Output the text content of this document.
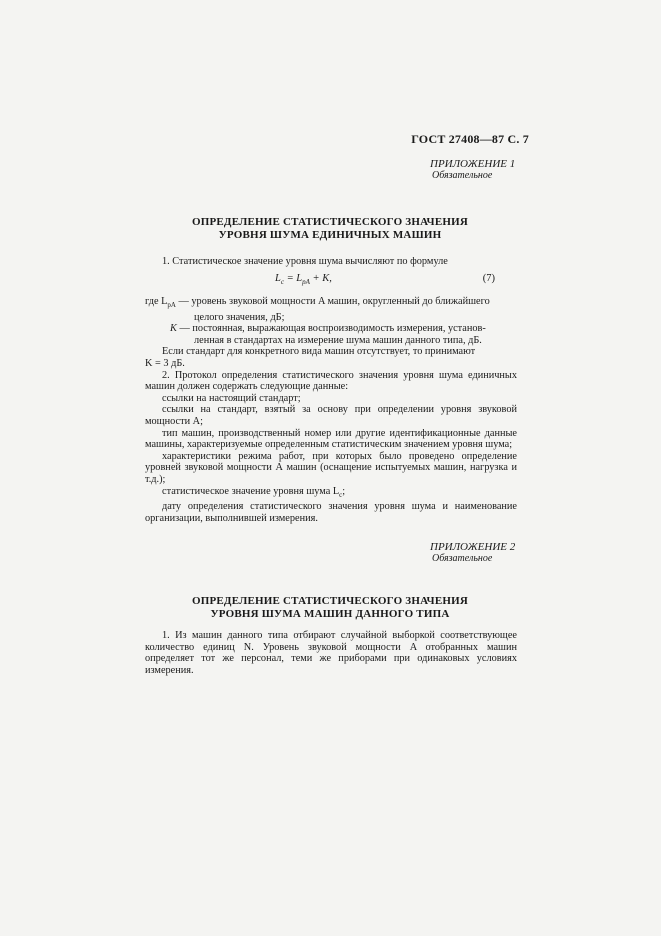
ГОСТ 27408—87 С. 7
ПРИЛОЖЕНИЕ 1
Обязательное
ОПРЕДЕЛЕНИЕ СТАТИСТИЧЕСКОГО ЗНАЧЕНИЯ
УРОВНЯ ШУМА ЕДИНИЧНЫХ МАШИН

1. Статистическое значение уровня шума вычисляют по формуле

$L_c = L_{pA} + K$,	(7)

где $L_{pA}$ — уровень звуковой мощности A машин, округленный до ближайшего

целого значения, дБ;

K — постоянная, выражающая воспроизводимость измерения, установ-

ленная в стандартах на измерение шума машин данного типа, дБ.

Если стандарт для конкретного вида машин отсутствует, то принимают

K = 3 дБ.

2. Протокол определения статистического значения уровня шума единичных машин должен содержать следующие данные:

ссылки на настоящий стандарт;

ссылки на стандарт, взятый за основу при определении уровня звуковой мощности А;

тип машин, производственный номер или другие идентификационные данные машины, характеризуемые определенным статистическим значением уровня шума;

характеристики режима работ, при которых было проведено определение уровней звуковой мощности А машин (оснащение испытуемых машин, нагрузка и т.д.);

статистическое значение уровня шума $L_c$;

дату определения статистического значения уровня шума и наименование организации, выполнившей измерения.

ПРИЛОЖЕНИЕ 2
Обязательное
ОПРЕДЕЛЕНИЕ СТАТИСТИЧЕСКОГО ЗНАЧЕНИЯ
УРОВНЯ ШУМА МАШИН ДАННОГО ТИПА

1. Из машин данного типа отбирают случайной выборкой соответствующее количество единиц N. Уровень звуковой мощности A отобранных машин определяет тот же персонал, теми же приборами при одинаковых условиях измерения.
